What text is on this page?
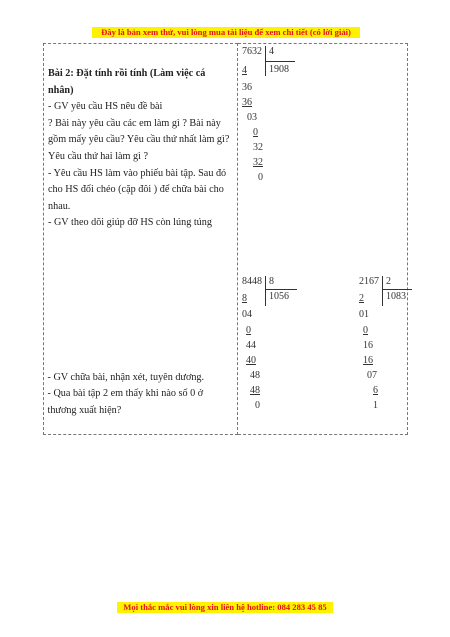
Đây là bản xem thử, vui lòng mua tài liệu để xem chi tiết (có lời giải)

Bài 2: Đặt tính rồi tính (Làm việc cá nhân)

- GV yêu cầu HS nêu đề bài

? Bài này yêu cầu các em làm gì ? Bài này gồm mấy yêu cầu? Yêu cầu thứ nhất làm gì? Yêu cầu thứ hai làm gì ?

- Yêu cầu HS làm vào phiếu bài tập. Sau đó cho HS đổi chéo (cặp đôi ) để chữa bài cho nhau.

- GV theo dõi giúp đỡ HS còn lúng túng

- GV chữa bài, nhận xét, tuyên dương.

- Qua bài tập 2 em thấy khi nào số 0 ở thương xuất hiện?

7632 4
1908
4
36
36
03
0
32
32
0
8448 8
1056
8
04
0
44
40
48
48
0
2167 2
1083
2
01
0
16
16
07
6
1
Mọi thắc mắc vui lòng xin liên hệ hotline: 084 283 45 85
